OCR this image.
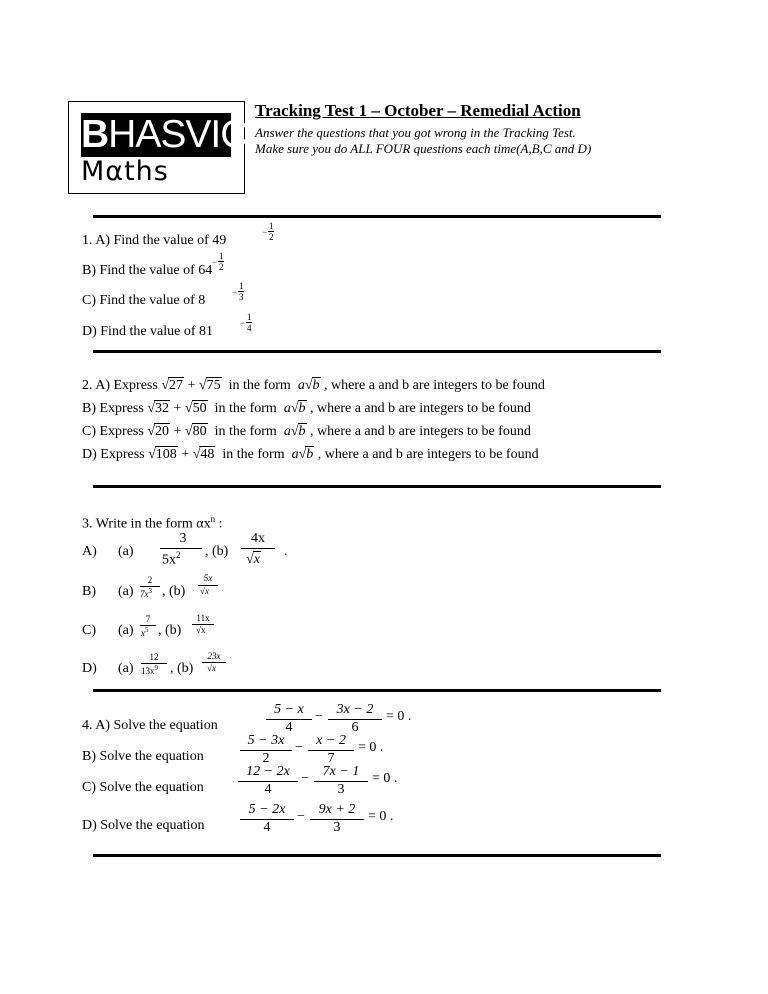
BHASVIC
Mαths
Tracking Test 1 – October – Remedial Action
Answer the questions that you got wrong in the Tracking Test.
Make sure you do ALL FOUR questions each time(A,B,C and D)
1. A) Find the value of 49
−
1
2
B) Find the value of 64
−
1
2
C) Find the value of 8
−
1
3
D) Find the value of 81
−
1
4
2. A) Express √27 + √75 in the form a√b , where a and b are integers to be found
B) Express √32 + √50 in the form a√b , where a and b are integers to be found
C) Express √20 + √80 in the form a√b , where a and b are integers to be found
D) Express √108 + √48 in the form a√b , where a and b are integers to be found
3. Write in the form $\alpha x^n$ :
A) (a)
3
$5x^2$ , (b)
4x
√x
.
B) (a)
2
$7x^3$ , (b)
5x
√x
C) (a)
7
$x^5$ , (b)
11x
√x
D) (a)
12
$13x^9$ , (b)
23x
√x
4. A) Solve the equation
5 − x
4
− 3x − 2
6
= 0 .
B) Solve the equation
5 − 3x
2
− x − 2
7
= 0 .
C) Solve the equation
12 − 2x
4
− 7x − 1
3
= 0 .
D) Solve the equation
5 − 2x
4
− 9x + 2
3
= 0 .
